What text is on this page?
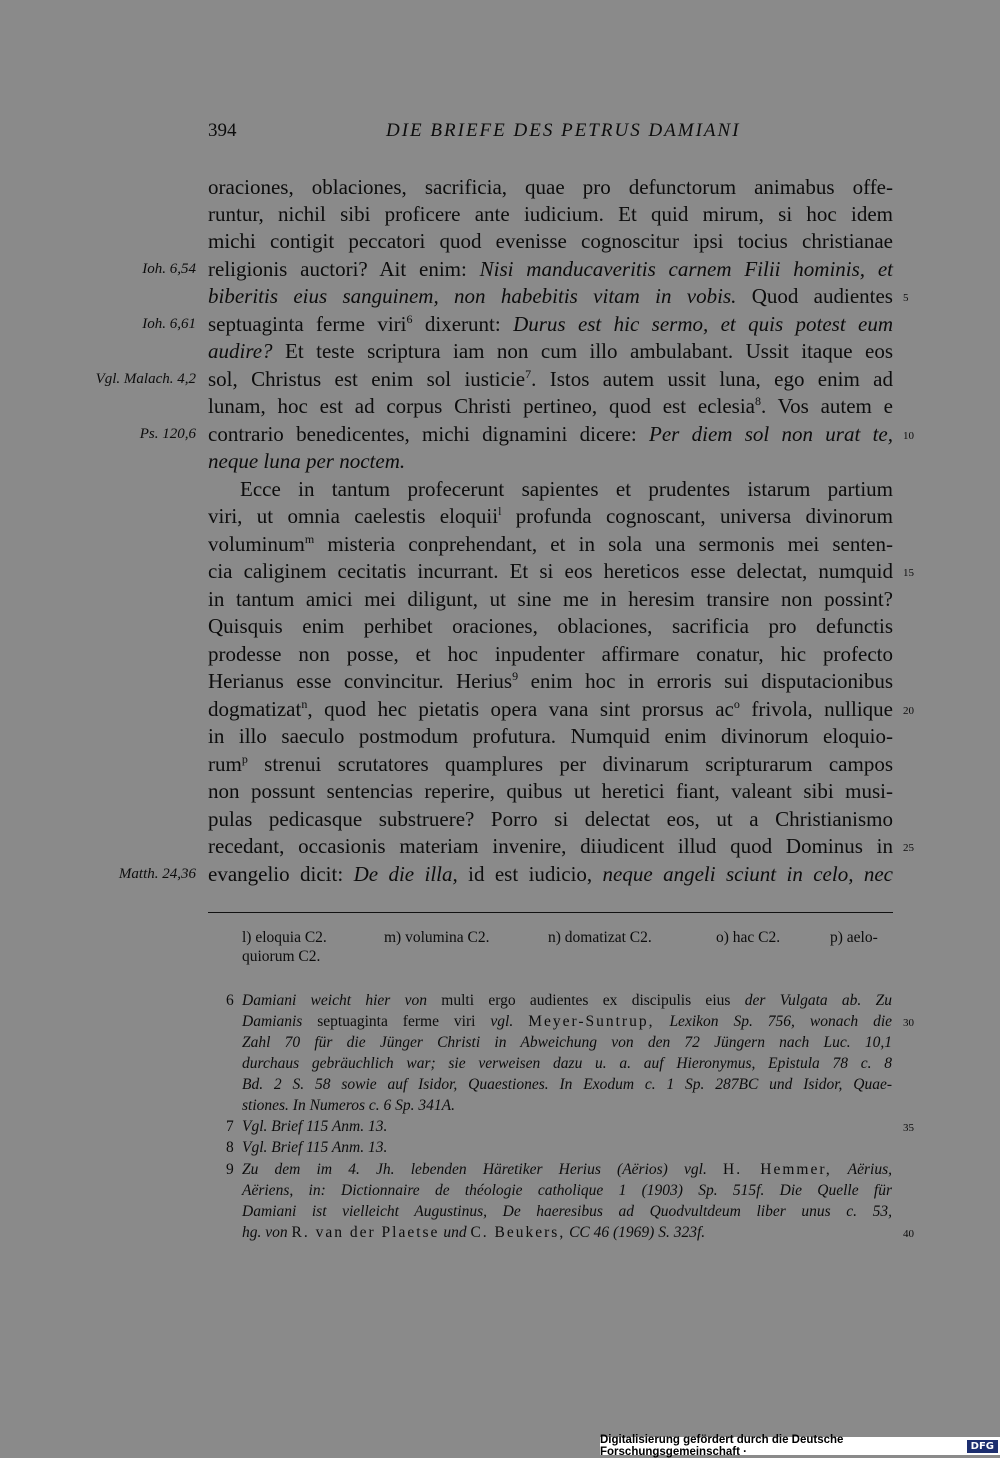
394	DIE BRIEFE DES PETRUS DAMIANI
oraciones, oblaciones, sacrificia, quae pro defunctorum animabus offe-
runtur, nichil sibi proficere ante iudicium. Et quid mirum, si hoc idem
michi contigit peccatori quod evenisse cognoscitur ipsi tocius christianae
religionis auctori? Ait enim: Nisi manducaveritis carnem Filii hominis, et
biberitis eius sanguinem, non habebitis vitam in vobis. Quod audientes
septuaginta ferme viri$^6$ dixerunt: Durus est hic sermo, et quis potest eum
audire? Et teste scriptura iam non cum illo ambulabant. Ussit itaque eos
sol, Christus est enim sol iusticie$^7$. Istos autem ussit luna, ego enim ad
lunam, hoc est ad corpus Christi pertineo, quod est eclesia$^8$. Vos autem e
contrario benedicentes, michi dignamini dicere: Per diem sol non urat te,
neque luna per noctem.
Ecce in tantum profecerunt sapientes et prudentes istarum partium
viri, ut omnia caelestis eloquii$^l$ profunda cognoscant, universa divinorum
voluminum$^m$ misteria conprehendant, et in sola una sermonis mei senten-
cia caliginem cecitatis incurrant. Et si eos hereticos esse delectat, numquid
in tantum amici mei diligunt, ut sine me in heresim transire non possint?
Quisquis enim perhibet oraciones, oblaciones, sacrificia pro defunctis
prodesse non posse, et hoc inpudenter affirmare conatur, hic profecto
Herianus esse convincitur. Herius$^9$ enim hoc in erroris sui disputacionibus
dogmatizat$^n$, quod hec pietatis opera vana sint prorsus $ac^o$ frivola, nullique
in illo saeculo postmodum profutura. Numquid enim divinorum eloquio-
rum$^p$ strenui scrutatores quamplures per divinarum scripturarum campos
non possunt sentencias reperire, quibus ut heretici fiant, valeant sibi musi-
pulas pedicasque substruere? Porro si delectat eos, ut a Christianismo
recedant, occasionis materiam invenire, diiudicent illud quod Dominus in
evangelio dicit: De die illa, id est iudicio, neque angeli sciunt in celo, nec
Ioh. 6,54
Ioh. 6,61
Vgl. Malach. 4,2
Ps. 120,6
Matth. 24,36
5
10
15
20
25
l) eloquia C2.	m) volumina C2.	n) domatizat C2.	o) hac C2.	p) aelo-
quiorum C2.
6 Damiani weicht hier von multi ergo audientes ex discipulis eius der Vulgata ab. Zu
Damianis septuaginta ferme viri vgl. Meyer-Suntrup, Lexikon Sp. 756, wonach die
Zahl 70 für die Jünger Christi in Abweichung von den 72 Jüngern nach Luc. 10,1
durchaus gebräuchlich war; sie verweisen dazu u. a. auf Hieronymus, Epistula 78 c. 8
Bd. 2 S. 58 sowie auf Isidor, Quaestiones. In Exodum c. 1 Sp. 287BC und Isidor, Quae-
stiones. In Numeros c. 6 Sp. 341A.
7 Vgl. Brief 115 Anm. 13.
8 Vgl. Brief 115 Anm. 13.
9 Zu dem im 4. Jh. lebenden Häretiker Herius (Aërios) vgl. H. Hemmer, Aërius,
Aëriens, in: Dictionnaire de théologie catholique 1 (1903) Sp. 515f. Die Quelle für
Damiani ist vielleicht Augustinus, De haeresibus ad Quodvultdeum liber unus c. 53,
hg. von R. van der Plaetse und C. Beukers, CC 46 (1969) S. 323f.
30
35
40
Digitalisierung gefördert durch die Deutsche Forschungsgemeinschaft ·	DFG
